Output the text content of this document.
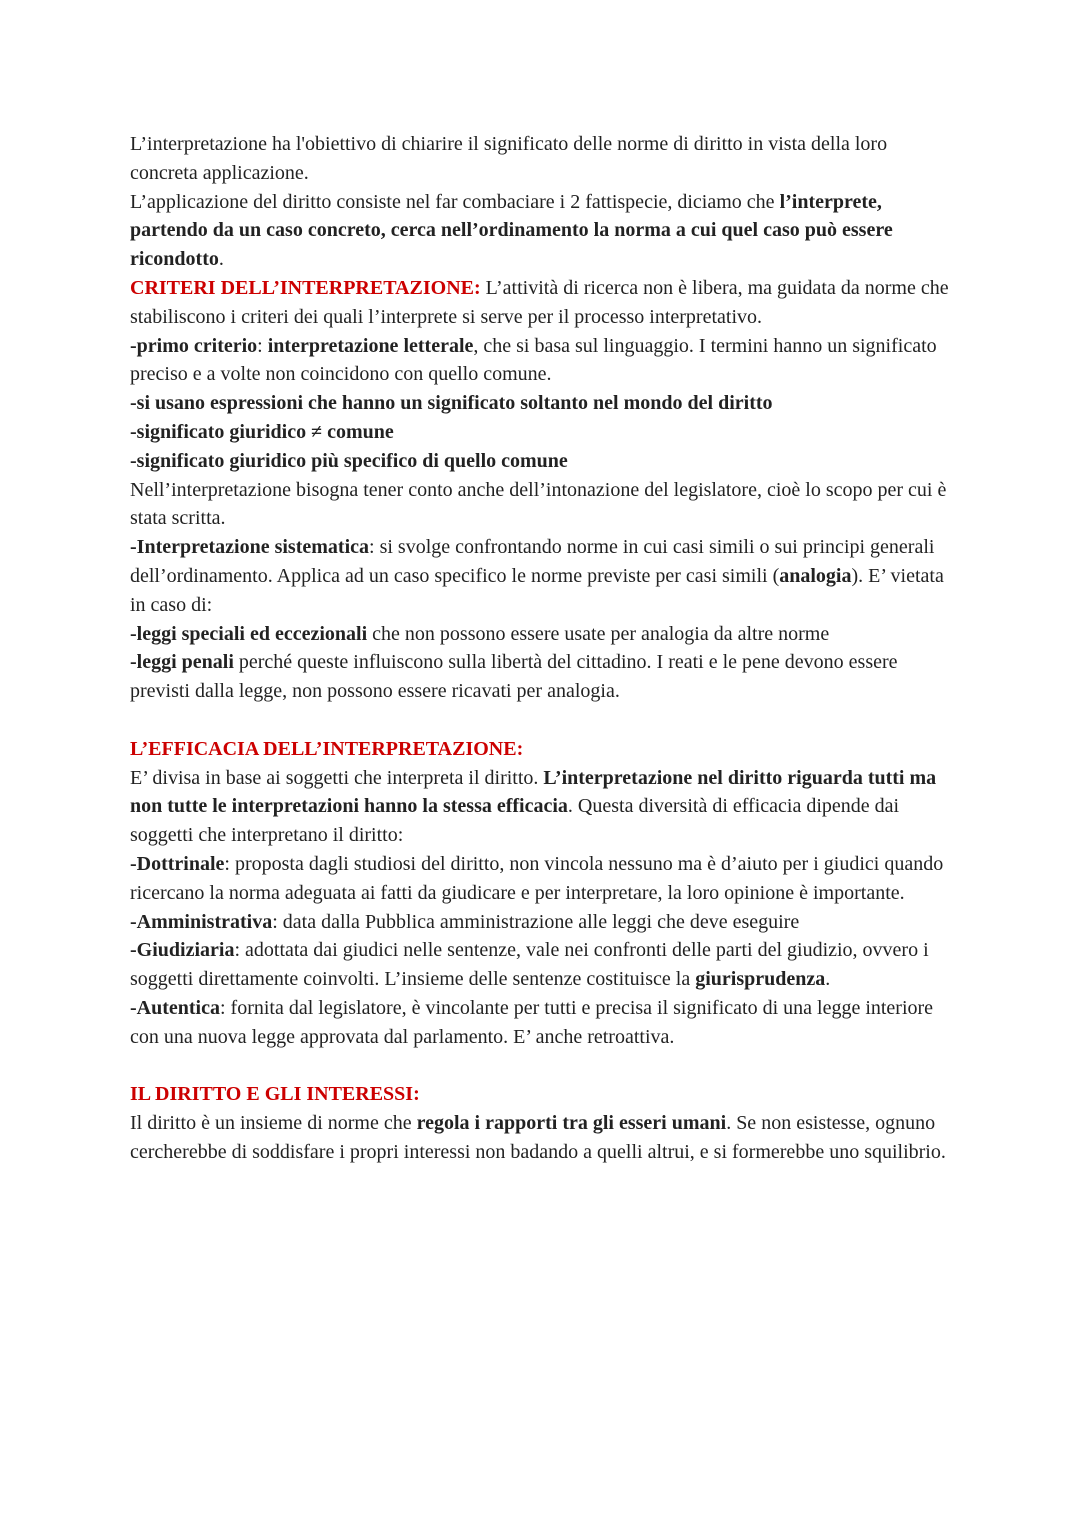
L’interpretazione ha l'obiettivo di chiarire il significato delle norme di diritto in vista della loro concreta applicazione.

L’applicazione del diritto consiste nel far combaciare i 2 fattispecie, diciamo che l’interprete, partendo da un caso concreto, cerca nell’ordinamento la norma a cui quel caso può essere ricondotto.

CRITERI DELL’INTERPRETAZIONE: L’attività di ricerca non è libera, ma guidata da norme che stabiliscono i criteri dei quali l’interprete si serve per il processo interpretativo.

-primo criterio: interpretazione letterale, che si basa sul linguaggio. I termini hanno un significato preciso e a volte non coincidono con quello comune.

-si usano espressioni che hanno un significato soltanto nel mondo del diritto

-significato giuridico ≠ comune

-significato giuridico più specifico di quello comune

Nell’interpretazione bisogna tener conto anche dell’intonazione del legislatore, cioè lo scopo per cui è stata scritta.

-Interpretazione sistematica: si svolge confrontando norme in cui casi simili o sui principi generali dell’ordinamento. Applica ad un caso specifico le norme previste per casi simili (analogia). E’ vietata in caso di:

-leggi speciali ed eccezionali che non possono essere usate per analogia da altre norme

-leggi penali perché queste influiscono sulla libertà del cittadino. I reati e le pene devono essere previsti dalla legge, non possono essere ricavati per analogia.

L’EFFICACIA DELL’INTERPRETAZIONE:

E’ divisa in base ai soggetti che interpreta il diritto. L’interpretazione nel diritto riguarda tutti ma non tutte le interpretazioni hanno la stessa efficacia. Questa diversità di efficacia dipende dai soggetti che interpretano il diritto:

-Dottrinale: proposta dagli studiosi del diritto, non vincola nessuno ma è d’aiuto per i giudici quando ricercano la norma adeguata ai fatti da giudicare e per interpretare, la loro opinione è importante.

-Amministrativa: data dalla Pubblica amministrazione alle leggi che deve eseguire

-Giudiziaria: adottata dai giudici nelle sentenze, vale nei confronti delle parti del giudizio, ovvero i soggetti direttamente coinvolti. L’insieme delle sentenze costituisce la giurisprudenza.

-Autentica: fornita dal legislatore, è vincolante per tutti e precisa il significato di una legge interiore con una nuova legge approvata dal parlamento. E’ anche retroattiva.

IL DIRITTO E GLI INTERESSI:

Il diritto è un insieme di norme che regola i rapporti tra gli esseri umani. Se non esistesse, ognuno cercherebbe di soddisfare i propri interessi non badando a quelli altrui, e si formerebbe uno squilibrio.
